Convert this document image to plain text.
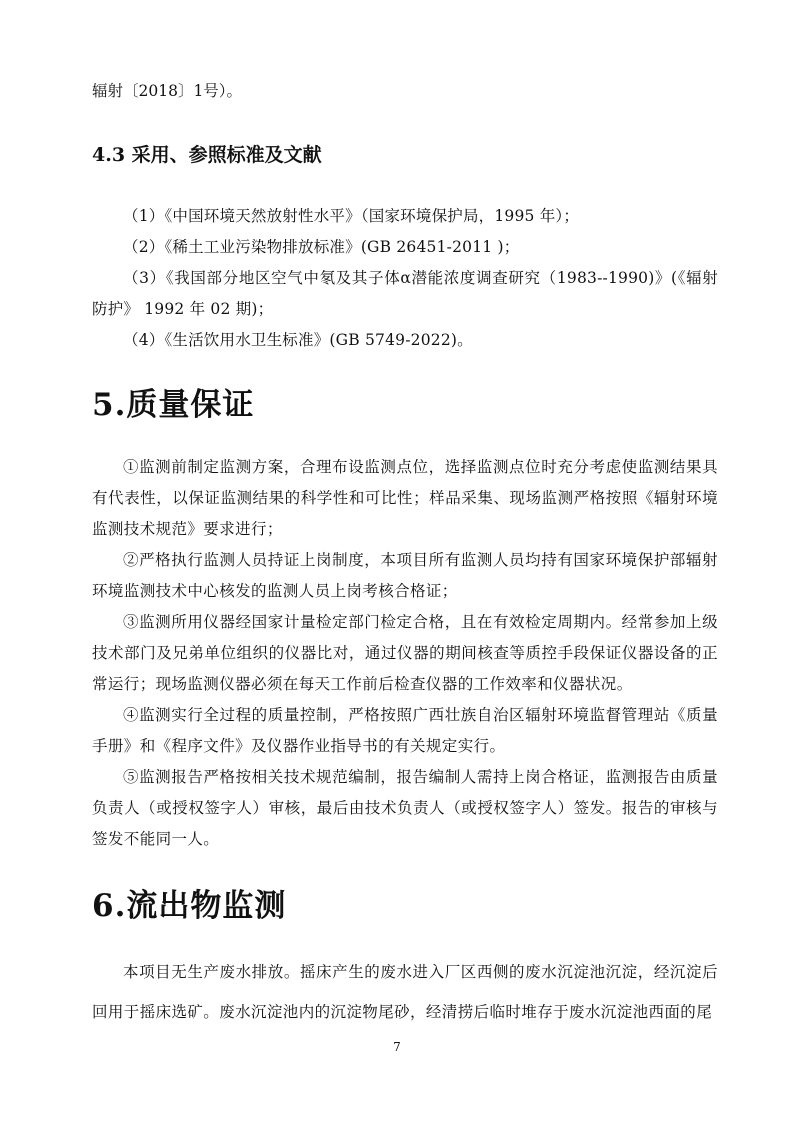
辐射〔2018〕1号）。
4.3 采用、参照标准及文献
（1）《中国环境天然放射性水平》（国家环境保护局，1995 年）；
（2）《稀土工业污染物排放标准》(GB 26451-2011 )；
（3）《我国部分地区空气中氡及其子体α潜能浓度调查研究（1983--1990)》(《辐射防护》 1992 年 02 期)；
（4）《生活饮用水卫生标准》(GB 5749-2022)。
5.质量保证
①监测前制定监测方案，合理布设监测点位，选择监测点位时充分考虑使监测结果具有代表性，以保证监测结果的科学性和可比性；样品采集、现场监测严格按照《辐射环境监测技术规范》要求进行；
②严格执行监测人员持证上岗制度，本项目所有监测人员均持有国家环境保护部辐射环境监测技术中心核发的监测人员上岗考核合格证；
③监测所用仪器经国家计量检定部门检定合格，且在有效检定周期内。经常参加上级技术部门及兄弟单位组织的仪器比对，通过仪器的期间核查等质控手段保证仪器设备的正常运行；现场监测仪器必须在每天工作前后检查仪器的工作效率和仪器状况。
④监测实行全过程的质量控制，严格按照广西壮族自治区辐射环境监督管理站《质量手册》和《程序文件》及仪器作业指导书的有关规定实行。
⑤监测报告严格按相关技术规范编制，报告编制人需持上岗合格证，监测报告由质量负责人（或授权签字人）审核，最后由技术负责人（或授权签字人）签发。报告的审核与签发不能同一人。
6.流出物监测
本项目无生产废水排放。摇床产生的废水进入厂区西侧的废水沉淀池沉淀，经沉淀后回用于摇床选矿。废水沉淀池内的沉淀物尾砂，经清捞后临时堆存于废水沉淀池西面的尾
7
